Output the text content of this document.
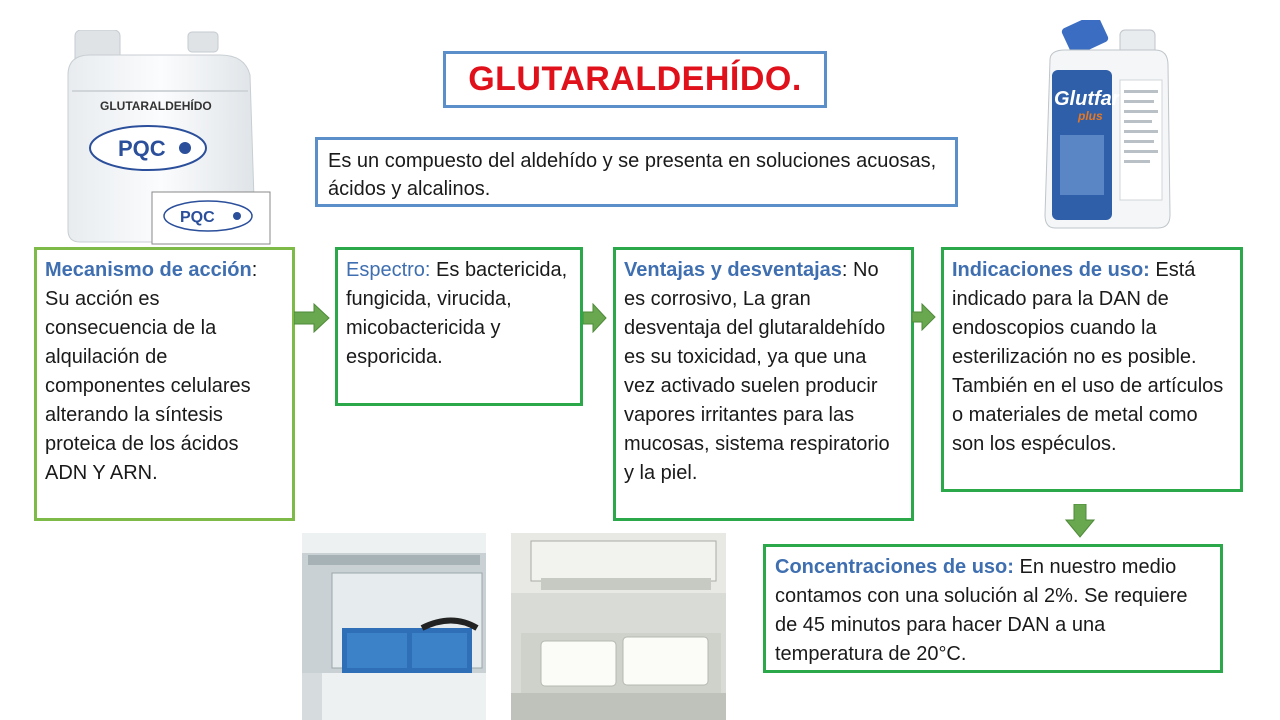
GLUTARALDEHÍDO
PQC
PQC
Glutfar
plus
GLUTARALDEHÍDO.
Es un compuesto del aldehído y se presenta en soluciones acuosas, ácidos y alcalinos.
Mecanismo de acción: Su acción es consecuencia de la alquilación de componentes celulares alterando la síntesis proteica de los ácidos ADN Y ARN.
Espectro: Es bactericida, fungicida, virucida, micobactericida y esporicida.
Ventajas y desventajas: No es corrosivo, La gran desventaja del glutaraldehído es su toxicidad, ya que una vez activado suelen producir vapores irritantes para las mucosas, sistema respiratorio y la piel.
Indicaciones de uso: Está indicado para la DAN de endoscopios cuando la esterilización no es posible. También en el uso de artículos o materiales de metal como son los espéculos.
Concentraciones de uso: En nuestro medio contamos con una solución al 2%. Se requiere de 45 minutos para hacer DAN a una temperatura de 20°C.
